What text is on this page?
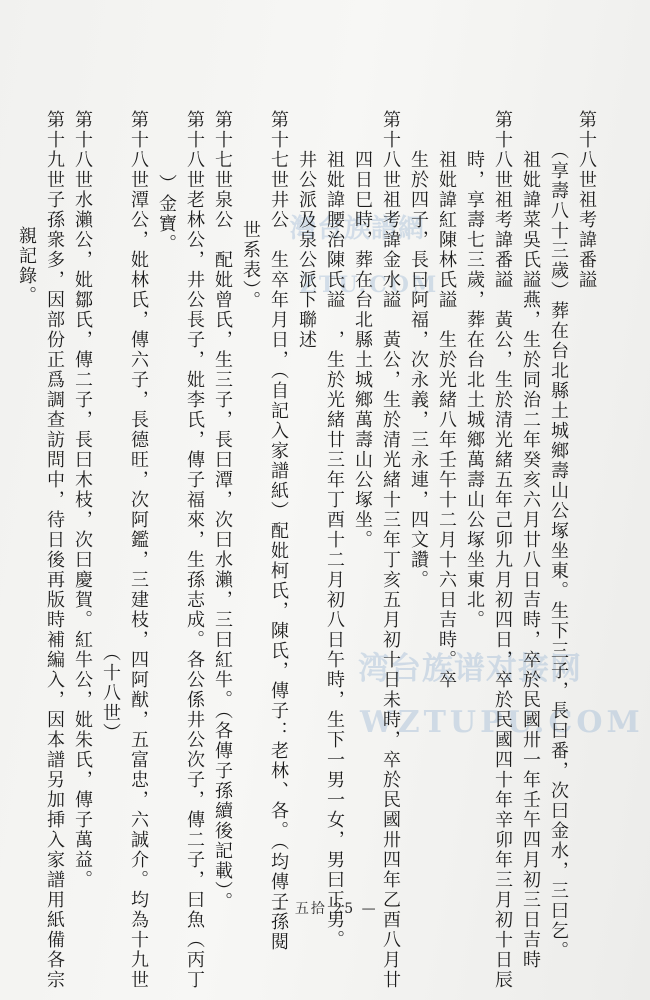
灣台族譜網
ZTU.COM
湾台族谱对接网
WZTUPU.COM
第十八世祖考諱番謚
　（享壽八十三歲）葬在台北縣土城鄉壽山公塚坐東。生下三子，長曰番，次曰金水，三曰乞。
　祖妣諱菜吳氏謚燕，生於同治二年癸亥六月廿八日吉時，卒於民國卅一年壬午四月初三日吉時
第十八世祖考諱番謚　黃公，生於清光緒五年己卯九月初四日，卒於民國四十年辛卯年三月初十日辰
　時，享壽七三歲，葬在台北土城鄉萬壽山公塚坐東北。
　祖妣諱紅陳林氏謚　生於光緒八年壬午十二月十六日吉時。卒
　生於四子，長曰阿福，次永義，三永連，四文讚。
第十八世祖考諱金水謚　黃公，生於清光緒十三年丁亥五月初十日未時，卒於民國卅四年乙酉八月廿
　四日巳時，葬在台北縣土城鄉萬壽山公塚坐。
　祖妣諱腰治陳氏謚　，生於光緒廿三年丁酉十二月初八日午時，生下一男一女，男曰正男。
　井公派及泉公派下聯述
第十七世井公　生卒年月日，（自記入家譜紙）配妣柯氏，陳氏，傳子：老林、各。（均傳子孫閱
　　世系表）。
第十七世泉公　配妣曾氏，生三子，長曰潭，次曰水瀨，三曰紅牛。（各傳子孫續後記載）。
第十八世老林公，井公長子，妣李氏，傳子福來，生孫志成。各公係井公次子，傳二子，曰魚（丙丁
　）金寶。
第十八世潭公，妣林氏，傳六子，長德旺，次阿鑑，三建枝，四阿猷，五富忠，六誠介。均為十九世
　　　　　　　　　　　　　　　　　　　　　　　　　　（十八世）
第十八世水瀨公，妣鄒氏，傳二子，長曰木枝，次曰慶賀。紅牛公，妣朱氏，傳子萬益。
第十九世子孫衆多，因部份正爲調查訪問中，待日後再版時補編入，因本譜另加挿入家譜用紙備各宗
　親記錄。
— 五拾 25 —
